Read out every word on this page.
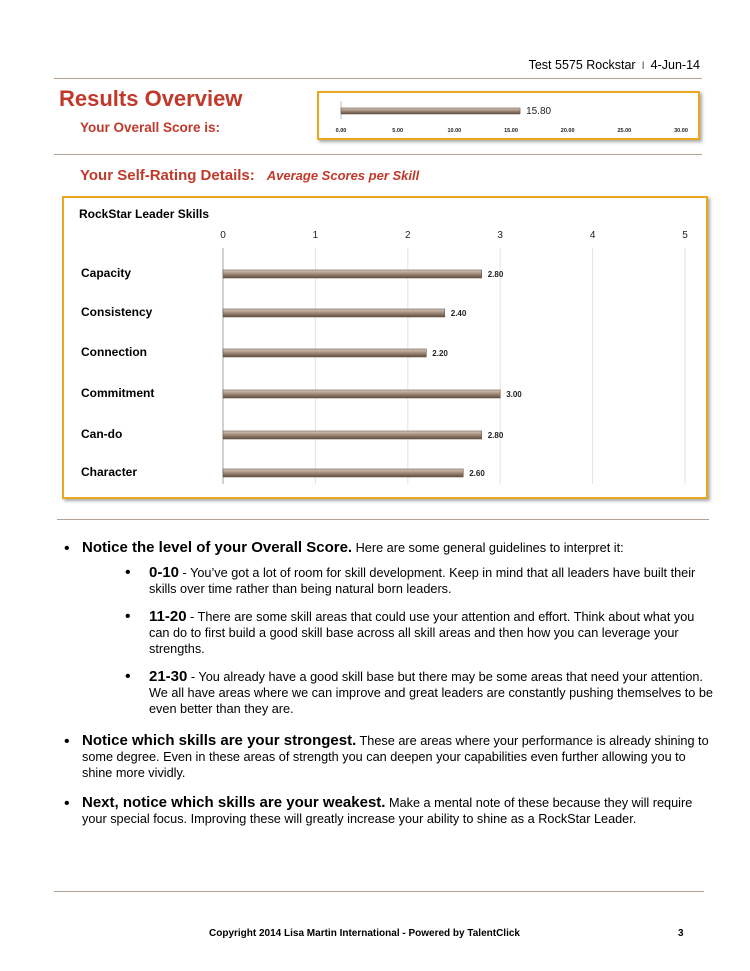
Test 5575 Rockstar I 4-Jun-14
Results Overview
Your Overall Score is:
15.80
0.00	5.00	10.00	15.00	20.00	25.00	30.00
Your Self-Rating Details: Average Scores per Skill
RockStar Leader Skills
0	1	2	3	4	5
Capacity	2.80
Consistency	2.40
Connection	2.20
Commitment	3.00
Can-do	2.80
Character	2.60
• Notice the level of your Overall Score. Here are some general guidelines to interpret it:
• 0-10 - You’ve got a lot of room for skill development. Keep in mind that all leaders have built their skills over time rather than being natural born leaders.
• 11-20 - There are some skill areas that could use your attention and effort. Think about what you can do to first build a good skill base across all skill areas and then how you can leverage your strengths.
• 21-30 - You already have a good skill base but there may be some areas that need your attention. We all have areas where we can improve and great leaders are constantly pushing themselves to be even better than they are.
• Notice which skills are your strongest. These are areas where your performance is already shining to some degree. Even in these areas of strength you can deepen your capabilities even further allowing you to shine more vividly.
• Next, notice which skills are your weakest. Make a mental note of these because they will require your special focus. Improving these will greatly increase your ability to shine as a RockStar Leader.
Copyright 2014 Lisa Martin International - Powered by TalentClick	3
